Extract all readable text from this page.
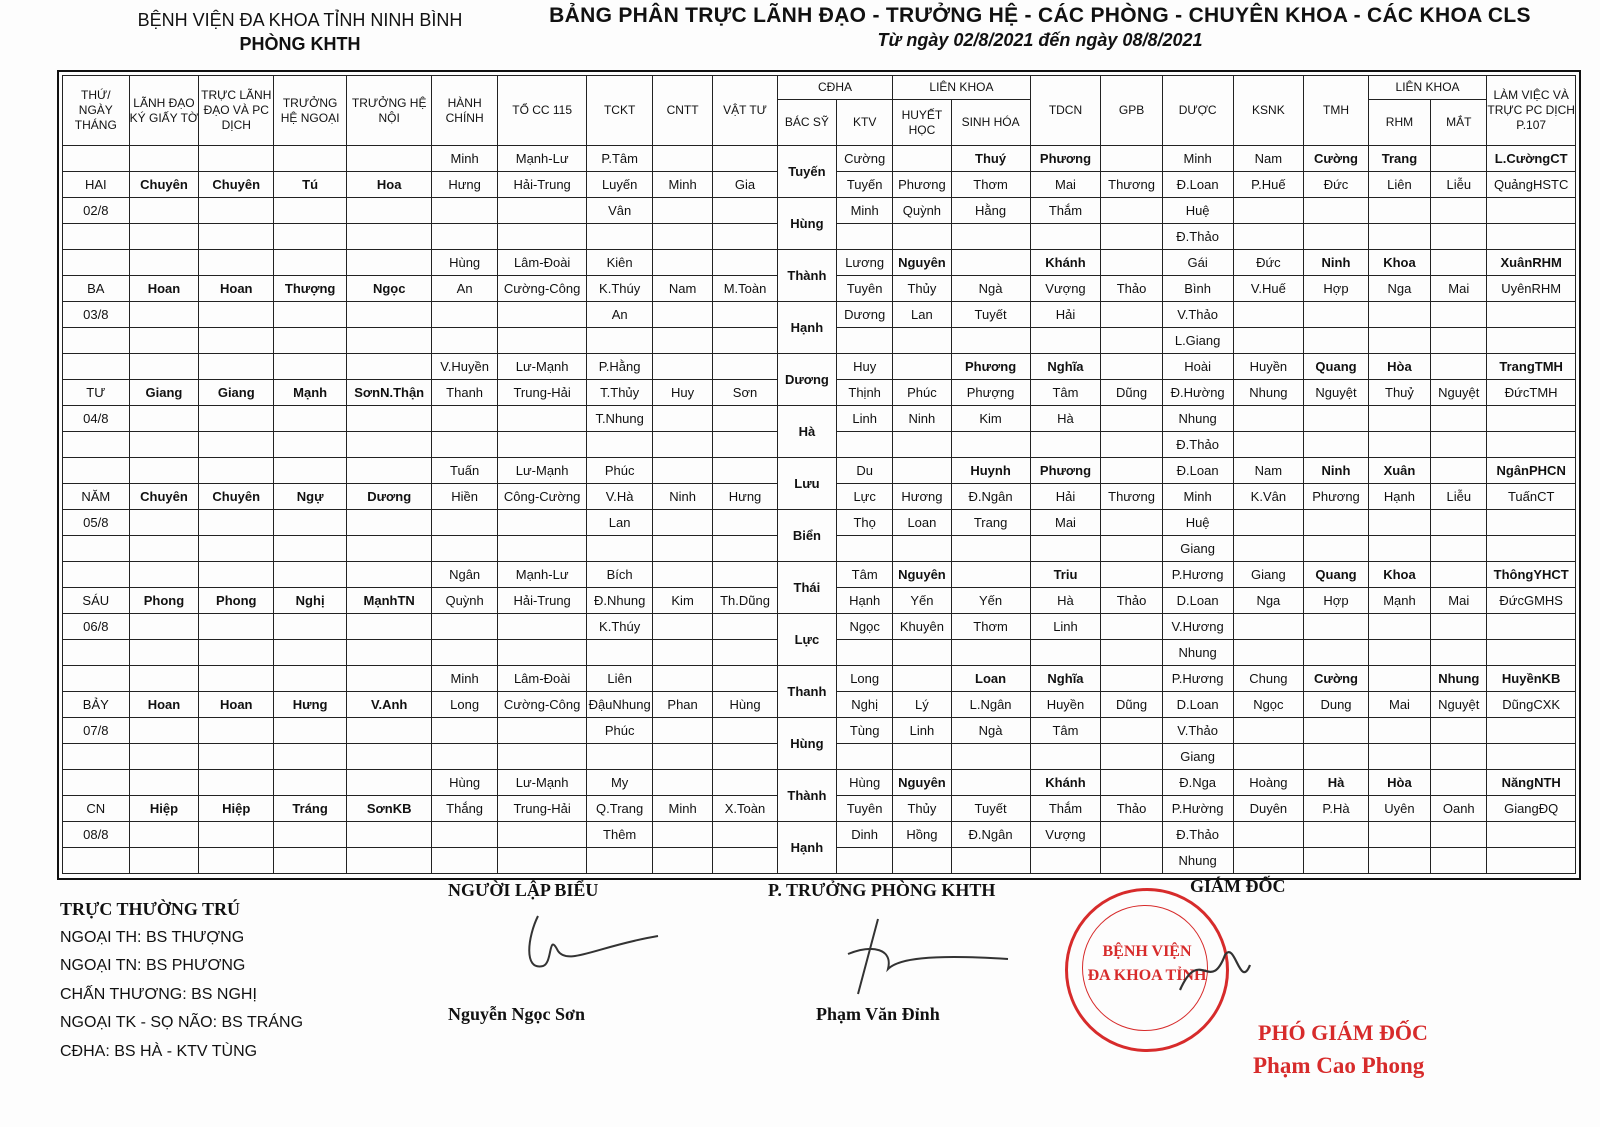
BỆNH VIỆN ĐA KHOA TỈNH NINH BÌNH
PHÒNG KHTH
BẢNG PHÂN TRỰC LÃNH ĐẠO - TRƯỞNG HỆ - CÁC PHÒNG - CHUYÊN KHOA - CÁC KHOA CLS
Từ ngày 02/8/2021 đến ngày 08/8/2021
THỨ/ NGÀY THÁNG	LÃNH ĐẠO KÝ GIẤY TỜ	TRỰC LÃNH ĐẠO VÀ PC DỊCH	TRƯỞNG HỆ NGOẠI	TRƯỞNG HỆ NỘI	HÀNH CHÍNH	TỔ CC 115	TCKT	CNTT	VẬT TƯ	CĐHA		LIÊN KHOA		TDCN	GPB	DƯỢC	KSNK	TMH	LIÊN KHOA		LÀM VIỆC VÀ TRỰC PC DỊCH P.107
										BÁC SỸ	KTV	HUYẾT HỌC	SINH HÓA						RHM	MẮT	
					Minh	Mạnh-Lư	P.Tâm			Tuyến	Cường		Thuý	Phương		Minh	Nam	Cường	Trang		L.CườngCT
HAI	Chuyên	Chuyên	Tú	Hoa	Hưng	Hải-Trung	Luyến	Minh	Gia		Tuyến	Phương	Thơm	Mai	Thương	Đ.Loan	P.Huế	Đức	Liên	Liễu	QuảngHSTC
02/8							Vân			Hùng	Minh	Quỳnh	Hằng	Thắm		Huệ					
																Đ.Thảo					
					Hùng	Lâm-Đoài	Kiên			Thành	Lương	Nguyên		Khánh		Gái	Đức	Ninh	Khoa		XuânRHM
BA	Hoan	Hoan	Thượng	Ngọc	An	Cường-Công	K.Thúy	Nam	M.Toàn		Tuyên	Thủy	Ngà	Vượng	Thảo	Bình	V.Huế	Hợp	Nga	Mai	UyênRHM
03/8							An			Hạnh	Dương	Lan	Tuyết	Hải		V.Thảo					
																L.Giang					
					V.Huyền	Lư-Mạnh	P.Hằng			Dương	Huy		Phương	Nghĩa		Hoài	Huyền	Quang	Hòa		TrangTMH
TƯ	Giang	Giang	Mạnh	SơnN.Thận	Thanh	Trung-Hải	T.Thủy	Huy	Sơn		Thịnh	Phúc	Phượng	Tâm	Dũng	Đ.Hường	Nhung	Nguyệt	Thuỷ	Nguyệt	ĐứcTMH
04/8							T.Nhung			Hà	Linh	Ninh	Kim	Hà		Nhung					
																Đ.Thảo					
					Tuấn	Lư-Mạnh	Phúc			Lưu	Du		Huynh	Phương		Đ.Loan	Nam	Ninh	Xuân		NgânPHCN
NĂM	Chuyên	Chuyên	Ngự	Dương	Hiền	Công-Cường	V.Hà	Ninh	Hưng		Lực	Hương	Đ.Ngân	Hải	Thương	Minh	K.Vân	Phương	Hạnh	Liễu	TuấnCT
05/8							Lan			Biển	Thọ	Loan	Trang	Mai		Huệ					
																Giang					
					Ngân	Mạnh-Lư	Bích			Thái	Tâm	Nguyên		Triu		P.Hương	Giang	Quang	Khoa		ThôngYHCT
SÁU	Phong	Phong	Nghị	MạnhTN	Quỳnh	Hải-Trung	Đ.Nhung	Kim	Th.Dũng		Hạnh	Yến	Yến	Hà	Thảo	D.Loan	Nga	Hợp	Mạnh	Mai	ĐứcGMHS
06/8							K.Thúy			Lực	Ngọc	Khuyên	Thơm	Linh		V.Hương					
																Nhung					
					Minh	Lâm-Đoài	Liên			Thanh	Long		Loan	Nghĩa		P.Hương	Chung	Cường		Nhung	HuyềnKB
BẢY	Hoan	Hoan	Hưng	V.Anh	Long	Cường-Công	ĐậuNhung	Phan	Hùng		Nghị	Lý	L.Ngân	Huyền	Dũng	D.Loan	Ngọc	Dung	Mai	Nguyệt	DũngCXK
07/8							Phúc			Hùng	Tùng	Linh	Ngà	Tâm		V.Thảo					
																Giang					
					Hùng	Lư-Mạnh	My			Thành	Hùng	Nguyên		Khánh		Đ.Nga	Hoàng	Hà	Hòa		NăngNTH
CN	Hiệp	Hiệp	Tráng	SơnKB	Thắng	Trung-Hải	Q.Trang	Minh	X.Toàn		Tuyên	Thủy	Tuyết	Thắm	Thảo	P.Hường	Duyên	P.Hà	Uyên	Oanh	GiangĐQ
08/8							Thêm			Hạnh	Dinh	Hồng	Đ.Ngân	Vượng		Đ.Thảo					
																Nhung					
TRỰC THƯỜNG TRÚ
NGOẠI TH: BS THƯỢNG
NGOẠI TN: BS PHƯƠNG
CHẤN THƯƠNG: BS NGHỊ
NGOẠI TK - SỌ NÃO: BS TRÁNG
CĐHA: BS HÀ - KTV TÙNG
NGƯỜI LẬP BIỂU
Nguyễn Ngọc Sơn
P. TRƯỞNG PHÒNG KHTH
Phạm Văn Đỉnh
GIÁM ĐỐC
BỆNH VIỆN
ĐA KHOA TỈNH
PHÓ GIÁM ĐỐC
Phạm Cao Phong
